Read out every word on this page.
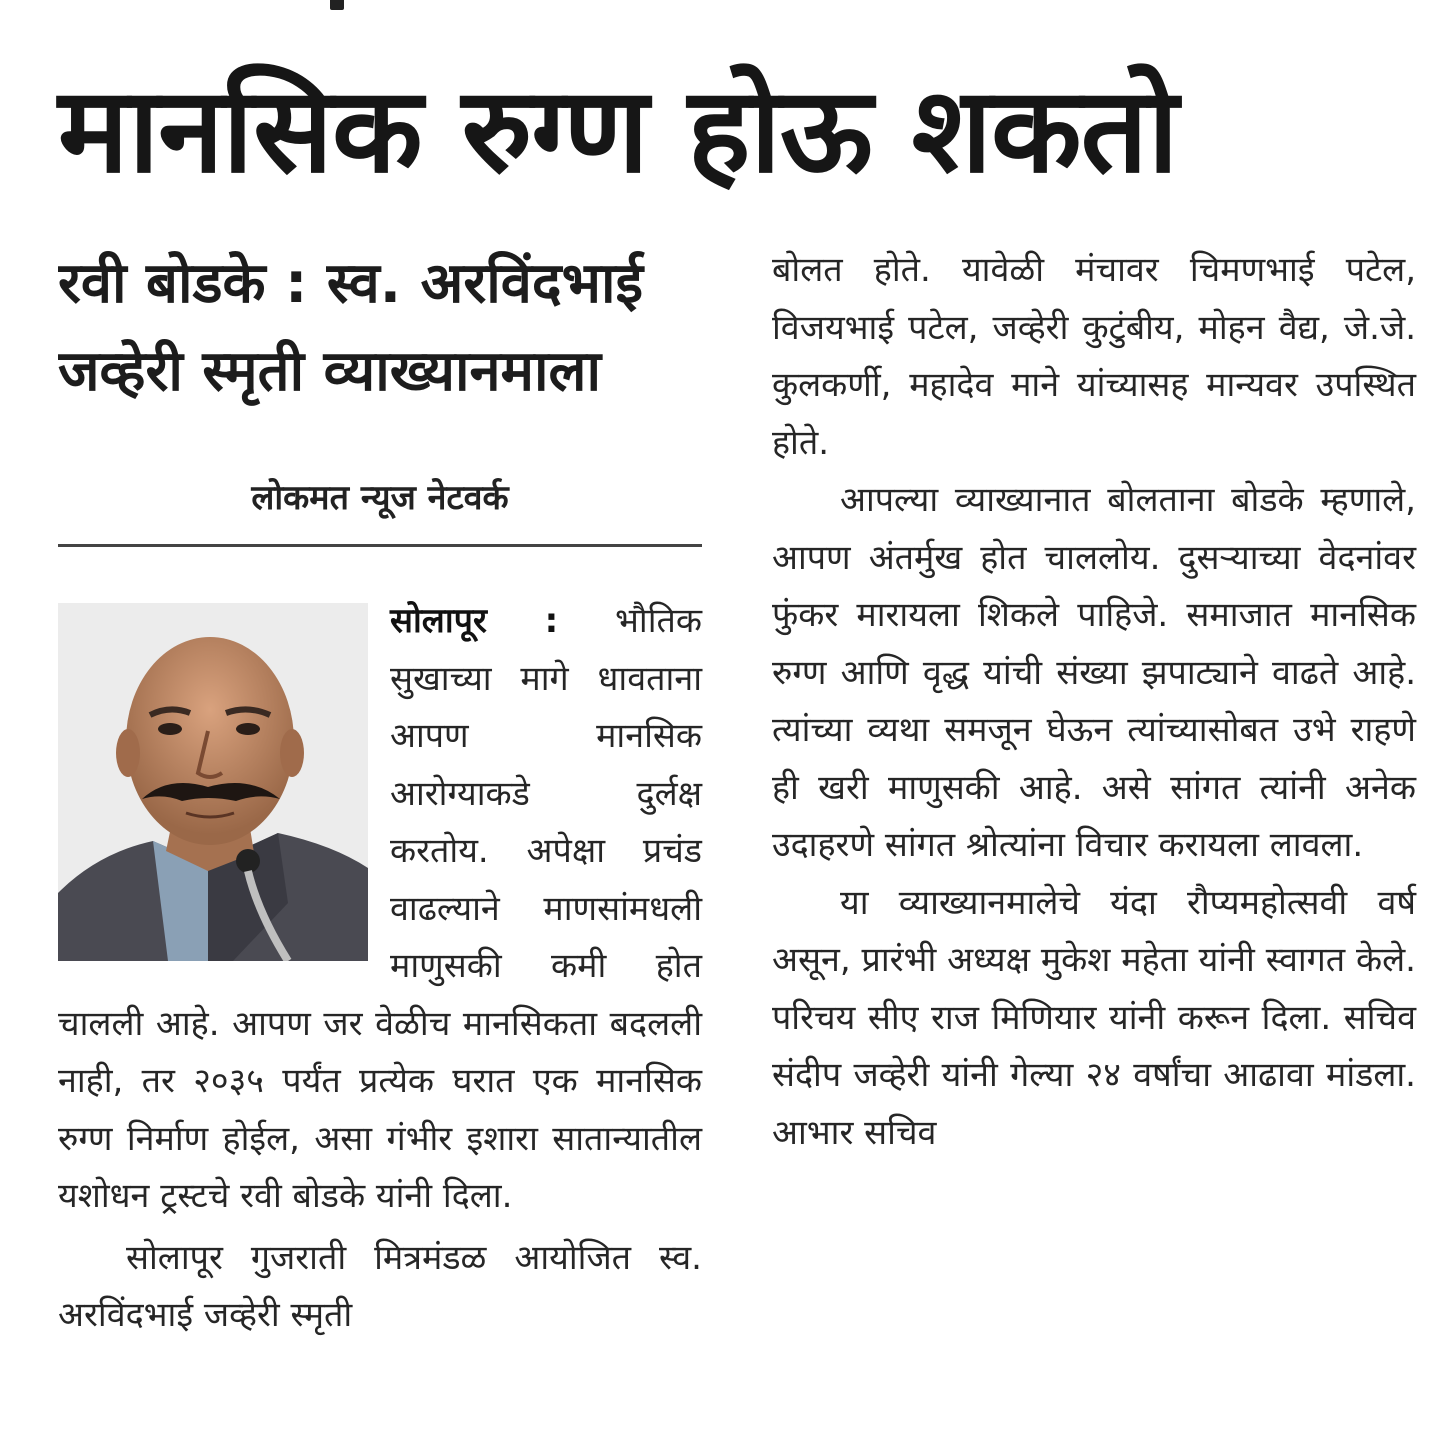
मानसिक रुग्ण होऊ शकतो
रवी बोडके : स्व. अरविंदभाई जव्हेरी स्मृती व्याख्यानमाला
लोकमत न्यूज नेटवर्क
सोलापूर : भौतिक सुखाच्या मागे धावताना आपण मानसिक आरोग्याकडे दुर्लक्ष करतोय. अपेक्षा प्रचंड वाढल्याने माणसांमधली माणुसकी कमी होत चालली आहे. आपण जर वेळीच मानसिकता बदलली नाही, तर २०३५ पर्यंत प्रत्येक घरात एक मानसिक रुग्ण निर्माण होईल, असा गंभीर इशारा सातान्यातील यशोधन ट्रस्टचे रवी बोडके यांनी दिला.
सोलापूर गुजराती मित्रमंडळ आयोजित स्व. अरविंदभाई जव्हेरी स्मृती

बोलत होते. यावेळी मंचावर चिमणभाई पटेल, विजयभाई पटेल, जव्हेरी कुटुंबीय, मोहन वैद्य, जे.जे. कुलकर्णी, महादेव माने यांच्यासह मान्यवर उपस्थित होते.

आपल्या व्याख्यानात बोलताना बोडके म्हणाले, आपण अंतर्मुख होत चाललोय. दुसऱ्याच्या वेदनांवर फुंकर मारायला शिकले पाहिजे. समाजात मानसिक रुग्ण आणि वृद्ध यांची संख्या झपाट्याने वाढते आहे. त्यांच्या व्यथा समजून घेऊन त्यांच्यासोबत उभे राहणे ही खरी माणुसकी आहे. असे सांगत त्यांनी अनेक उदाहरणे सांगत श्रोत्यांना विचार करायला लावला.

या व्याख्यानमालेचे यंदा रौप्यमहोत्सवी वर्ष असून, प्रारंभी अध्यक्ष मुकेश महेता यांनी स्वागत केले. परिचय सीए राज मिणियार यांनी करून दिला. सचिव संदीप जव्हेरी यांनी गेल्या २४ वर्षांचा आढावा मांडला. आभार सचिव
